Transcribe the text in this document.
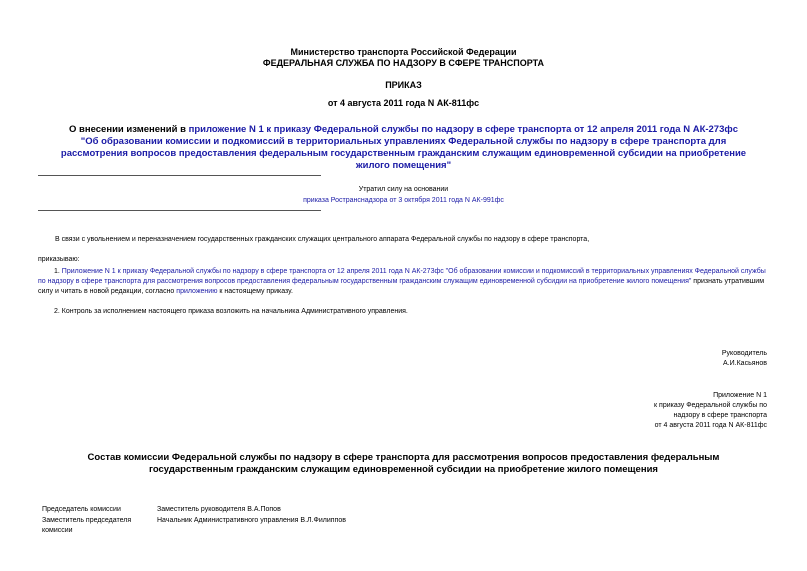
Министерство транспорта Российской Федерации
ФЕДЕРАЛЬНАЯ СЛУЖБА ПО НАДЗОРУ В СФЕРЕ ТРАНСПОРТА
ПРИКАЗ
от 4 августа 2011 года N АК-811фс
О внесении изменений в приложение N 1 к приказу Федеральной службы по надзору в сфере транспорта от 12 апреля 2011 года N АК-273фс "Об образовании комиссии и подкомиссий в территориальных управлениях Федеральной службы по надзору в сфере транспорта для рассмотрения вопросов предоставления федеральным государственным гражданским служащим единовременной субсидии на приобретение жилого помещения"
Утратил силу на основании
приказа Ространснадзора от 3 октября 2011 года N АК-991фс
В связи с увольнением и переназначением государственных гражданских служащих центрального аппарата Федеральной службы по надзору в сфере транспорта,
приказываю:
1. Приложение N 1 к приказу Федеральной службы по надзору в сфере транспорта от 12 апреля 2011 года N АК-273фс "Об образовании комиссии и подкомиссий в территориальных управлениях Федеральной службы по надзору в сфере транспорта для рассмотрения вопросов предоставления федеральным государственным гражданским служащим единовременной субсидии на приобретение жилого помещения" признать утратившим силу и читать в новой редакции, согласно приложению к настоящему приказу.
2. Контроль за исполнением настоящего приказа возложить на начальника Административного управления.
Руководитель
А.И.Касьянов
Приложение N 1
к приказу Федеральной службы по
надзору в сфере транспорта
от 4 августа 2011 года N АК-811фс
Состав комиссии Федеральной службы по надзору в сфере транспорта для рассмотрения вопросов предоставления федеральным государственным гражданским служащим единовременной субсидии на приобретение жилого помещения
Председатель комиссии	Заместитель руководителя В.А.Попов
Заместитель председателя комиссии
Начальник Административного управления В.Л.Филиппов
